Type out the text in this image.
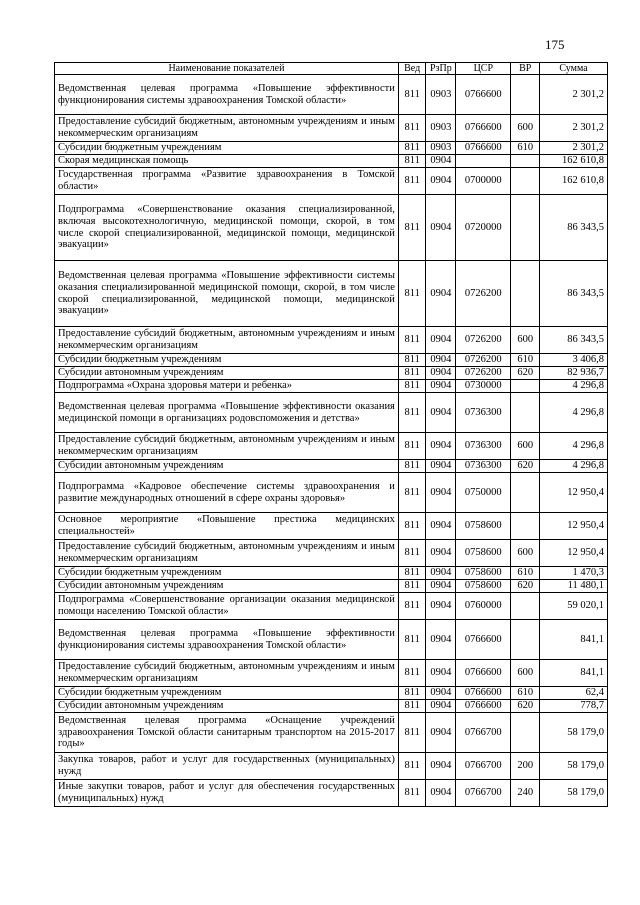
175
Наименование показателей	Вед	РзПр	ЦСР	ВР	Сумма
Ведомственная целевая программа «Повышение эффективности функционирования системы здравоохранения Томской области»	811	0903	0766600		2 301,2
Предоставление субсидий бюджетным, автономным учреждениям и иным некоммерческим организациям	811	0903	0766600	600	2 301,2
Субсидии бюджетным учреждениям	811	0903	0766600	610	2 301,2
Скорая медицинская помощь	811	0904			162 610,8
Государственная программа «Развитие здравоохранения в Томской области»	811	0904	0700000		162 610,8
Подпрограмма «Совершенствование оказания специализированной, включая высокотехнологичную, медицинской помощи, скорой, в том числе скорой специализированной, медицинской помощи, медицинской эвакуации»	811	0904	0720000		86 343,5
Ведомственная целевая программа «Повышение эффективности системы оказания специализированной медицинской помощи, скорой, в том числе скорой специализированной, медицинской помощи, медицинской эвакуации»	811	0904	0726200		86 343,5
Предоставление субсидий бюджетным, автономным учреждениям и иным некоммерческим организациям	811	0904	0726200	600	86 343,5
Субсидии бюджетным учреждениям	811	0904	0726200	610	3 406,8
Субсидии автономным учреждениям	811	0904	0726200	620	82 936,7
Подпрограмма «Охрана здоровья матери и ребенка»	811	0904	0730000		4 296,8
Ведомственная целевая программа «Повышение эффективности оказания медицинской помощи в организациях родовспоможения и детства»	811	0904	0736300		4 296,8
Предоставление субсидий бюджетным, автономным учреждениям и иным некоммерческим организациям	811	0904	0736300	600	4 296,8
Субсидии автономным учреждениям	811	0904	0736300	620	4 296,8
Подпрограмма «Кадровое обеспечение системы здравоохранения и развитие международных отношений в сфере охраны здоровья»	811	0904	0750000		12 950,4
Основное мероприятие «Повышение престижа медицинских специальностей»	811	0904	0758600		12 950,4
Предоставление субсидий бюджетным, автономным учреждениям и иным некоммерческим организациям	811	0904	0758600	600	12 950,4
Субсидии бюджетным учреждениям	811	0904	0758600	610	1 470,3
Субсидии автономным учреждениям	811	0904	0758600	620	11 480,1
Подпрограмма «Совершенствование организации оказания медицинской помощи населению Томской области»	811	0904	0760000		59 020,1
Ведомственная целевая программа «Повышение эффективности функционирования системы здравоохранения Томской области»	811	0904	0766600		841,1
Предоставление субсидий бюджетным, автономным учреждениям и иным некоммерческим организациям	811	0904	0766600	600	841,1
Субсидии бюджетным учреждениям	811	0904	0766600	610	62,4
Субсидии автономным учреждениям	811	0904	0766600	620	778,7
Ведомственная целевая программа «Оснащение учреждений здравоохранения Томской области санитарным транспортом на 2015-2017 годы»	811	0904	0766700		58 179,0
Закупка товаров, работ и услуг для государственных (муниципальных) нужд	811	0904	0766700	200	58 179,0
Иные закупки товаров, работ и услуг для обеспечения государственных (муниципальных) нужд	811	0904	0766700	240	58 179,0
